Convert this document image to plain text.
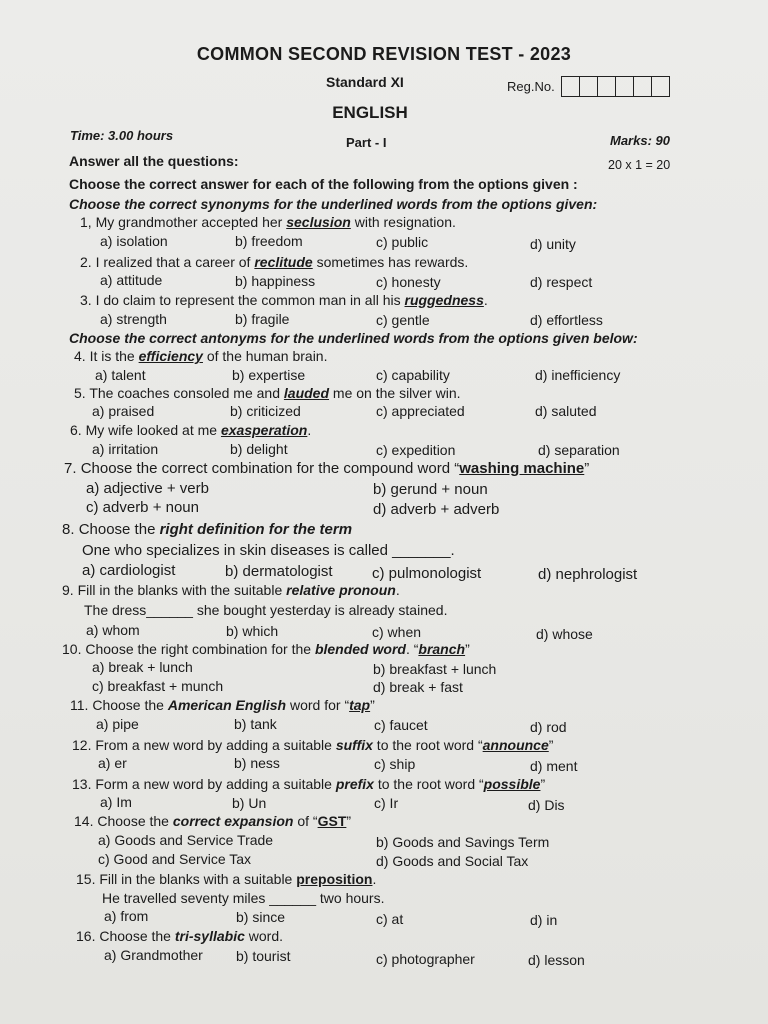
COMMON SECOND REVISION TEST - 2023
Standard XI	Reg.No.
ENGLISH
Time: 3.00 hours	Part - I	Marks: 90
Answer all the questions:	20 x 1 = 20
Choose the correct answer for each of the following from the options given :
Choose the correct synonyms for the underlined words from the options given:
1, My grandmother accepted her seclusion with resignation.
a) isolation	b) freedom	c) public	d) unity
2. I realized that a career of reclitude sometimes has rewards.
a) attitude	b) happiness	c) honesty	d) respect
3. I do claim to represent the common man in all his ruggedness.
a) strength	b) fragile	c) gentle	d) effortless
Choose the correct antonyms for the underlined words from the options given below:
4. It is the efficiency of the human brain.
a) talent	b) expertise	c) capability	d) inefficiency
5. The coaches consoled me and lauded me on the silver win.
a) praised	b) criticized	c) appreciated	d) saluted
6. My wife looked at me exasperation.
a) irritation	b) delight	c) expedition	d) separation
7. Choose the correct combination for the compound word “washing machine”
a) adjective + verb	b) gerund + noun
c) adverb + noun	d) adverb + adverb
8. Choose the right definition for the term
One who specializes in skin diseases is called _______.
a) cardiologist	b) dermatologist	c) pulmonologist	d) nephrologist
9. Fill in the blanks with the suitable relative pronoun.
The dress______ she bought yesterday is already stained.
a) whom	b) which	c) when	d) whose
10. Choose the right combination for the blended word. “branch”
a) break + lunch	b) breakfast + lunch
c) breakfast + munch	d) break + fast
11. Choose the American English word for “tap”
a) pipe	b) tank	c) faucet	d) rod
12. From a new word by adding a suitable suffix to the root word “announce”
a) er	b) ness	c) ship	d) ment
13. Form a new word by adding a suitable prefix to the root word “possible”
a) Im	b) Un	c) Ir	d) Dis
14. Choose the correct expansion of “GST”
a) Goods and Service Trade	b) Goods and Savings Term
c) Good and Service Tax	d) Goods and Social Tax
15. Fill in the blanks with a suitable preposition.
He travelled seventy miles ______ two hours.
a) from	b) since	c) at	d) in
16. Choose the tri-syllabic word.
a) Grandmother b) tourist	c) photographer	d) lesson
